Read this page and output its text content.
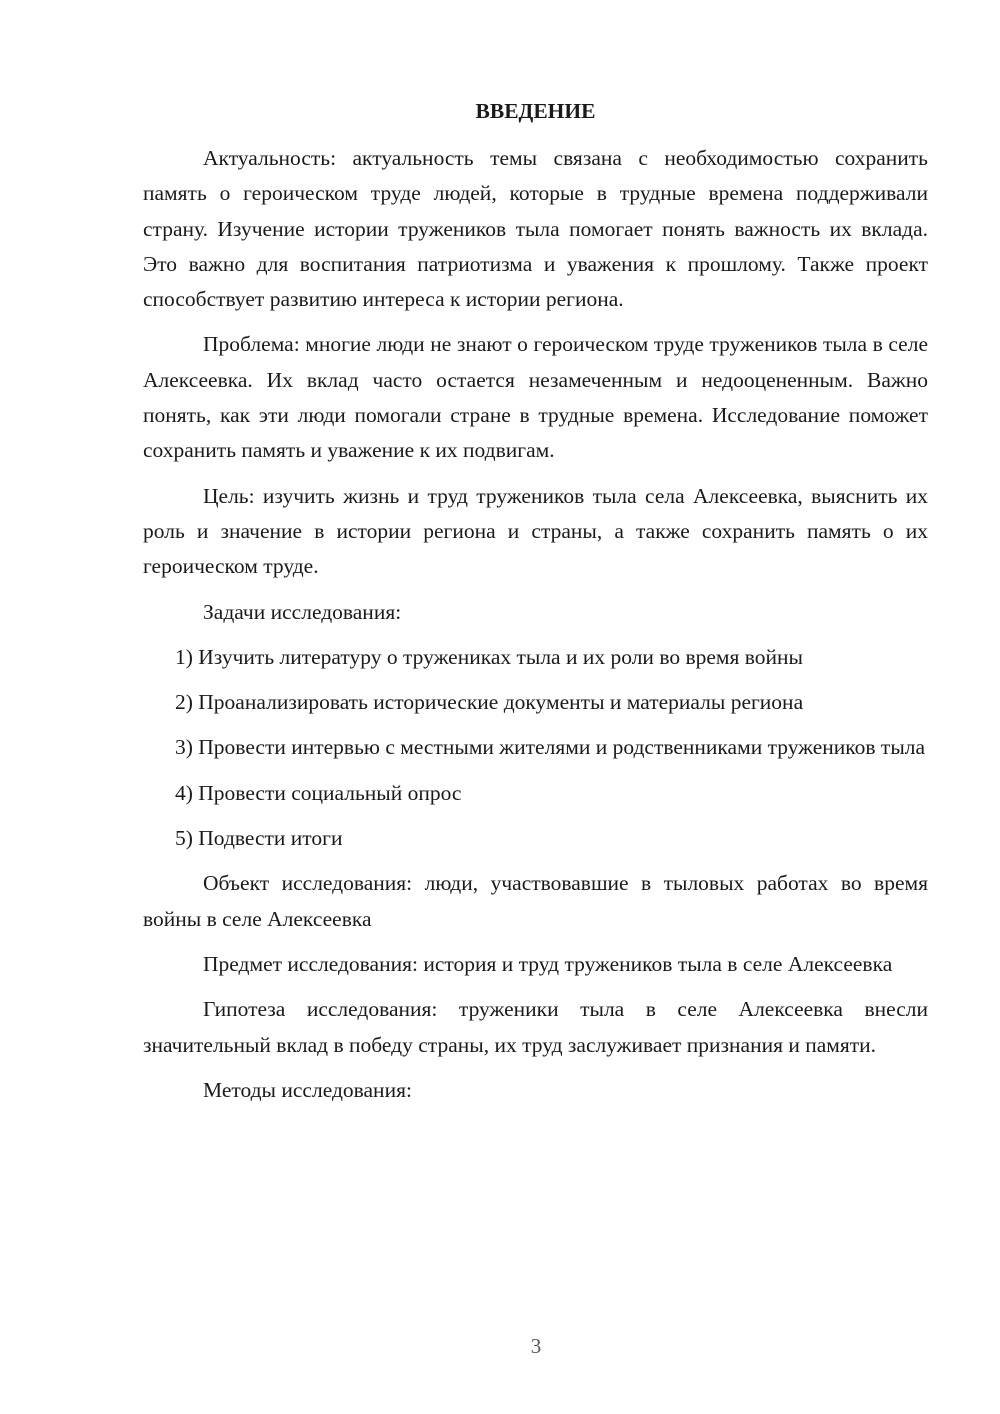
ВВЕДЕНИЕ

Актуальность: актуальность темы связана с необходимостью сохранить память о героическом труде людей, которые в трудные времена поддерживали страну. Изучение истории тружеников тыла помогает понять важность их вклада. Это важно для воспитания патриотизма и уважения к прошлому. Также проект способствует развитию интереса к истории региона.

Проблема: многие люди не знают о героическом труде тружеников тыла в селе Алексеевка. Их вклад часто остается незамеченным и недооцененным. Важно понять, как эти люди помогали стране в трудные времена. Исследование поможет сохранить память и уважение к их подвигам.

Цель: изучить жизнь и труд тружеников тыла села Алексеевка, выяснить их роль и значение в истории региона и страны, а также сохранить память о их героическом труде.

Задачи исследования:

1) Изучить литературу о тружениках тыла и их роли во время войны

2) Проанализировать исторические документы и материалы региона

3) Провести интервью с местными жителями и родственниками тружеников тыла

4) Провести социальный опрос

5) Подвести итоги

Объект исследования: люди, участвовавшие в тыловых работах во время войны в селе Алексеевка

Предмет исследования: история и труд тружеников тыла в селе Алексеевка

Гипотеза исследования: труженики тыла в селе Алексеевка внесли значительный вклад в победу страны, их труд заслуживает признания и памяти.

Методы исследования:

3
